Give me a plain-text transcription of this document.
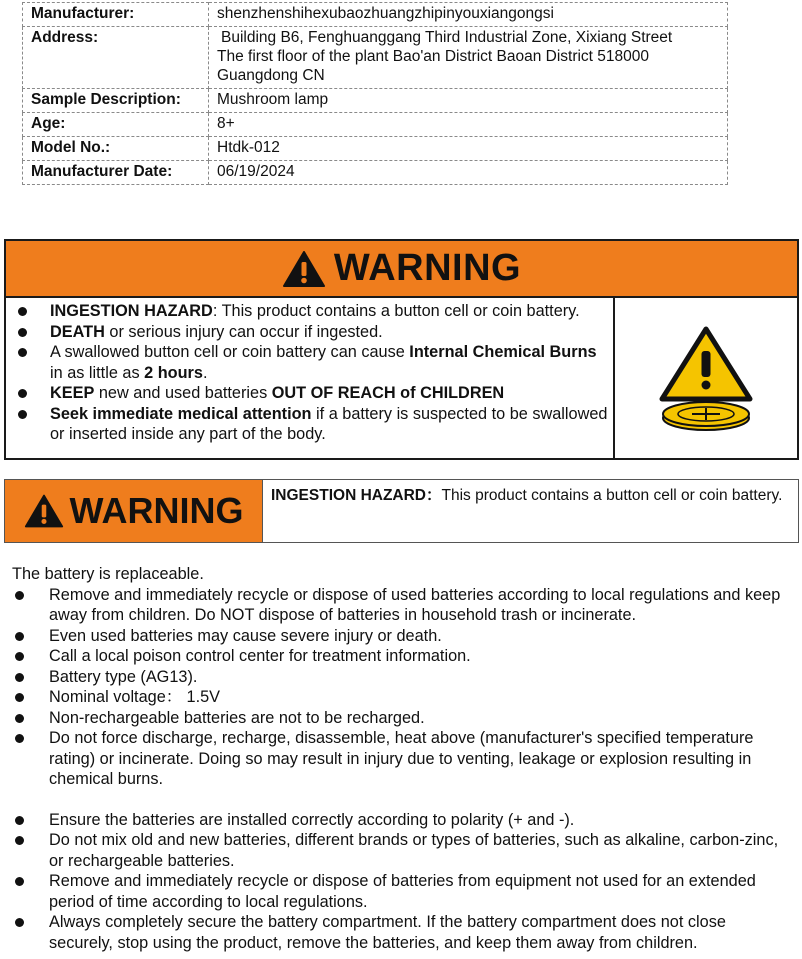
Manufacturer:	shenzhenshihexubaozhuangzhipinyouxiangongsi
Address:	Building B6, Fenghuanggang Third Industrial Zone, Xixiang Street
The first floor of the plant Bao'an District Baoan District 518000
Guangdong CN

Sample Description:	Mushroom lamp
Age:	8+
Model No.:	Htdk-012
Manufacturer Date:	06/19/2024
WARNING
INGESTION HAZARD: This product contains a button cell or coin battery.
DEATH or serious injury can occur if ingested.
A swallowed button cell or coin battery can cause Internal Chemical Burns in as little as 2 hours.
KEEP new and used batteries OUT OF REACH of CHILDREN
Seek immediate medical attention if a battery is suspected to be swallowed or inserted inside any part of the body.
WARNING	INGESTION HAZARD：This product contains a button cell or coin battery.
The battery is replaceable.
Remove and immediately recycle or dispose of used batteries according to local regulations and keep away from children. Do NOT dispose of batteries in household trash or incinerate.
Even used batteries may cause severe injury or death.
Call a local poison control center for treatment information.
Battery type (AG13).
Nominal voltage： 1.5V
Non-rechargeable batteries are not to be recharged.
Do not force discharge, recharge, disassemble, heat above (manufacturer's specified temperature rating) or incinerate. Doing so may result in injury due to venting, leakage or explosion resulting in chemical burns.
Ensure the batteries are installed correctly according to polarity (+ and -).
Do not mix old and new batteries, different brands or types of batteries, such as alkaline, carbon-zinc, or rechargeable batteries.
Remove and immediately recycle or dispose of batteries from equipment not used for an extended period of time according to local regulations.
Always completely secure the battery compartment. If the battery compartment does not close securely, stop using the product, remove the batteries, and keep them away from children.
